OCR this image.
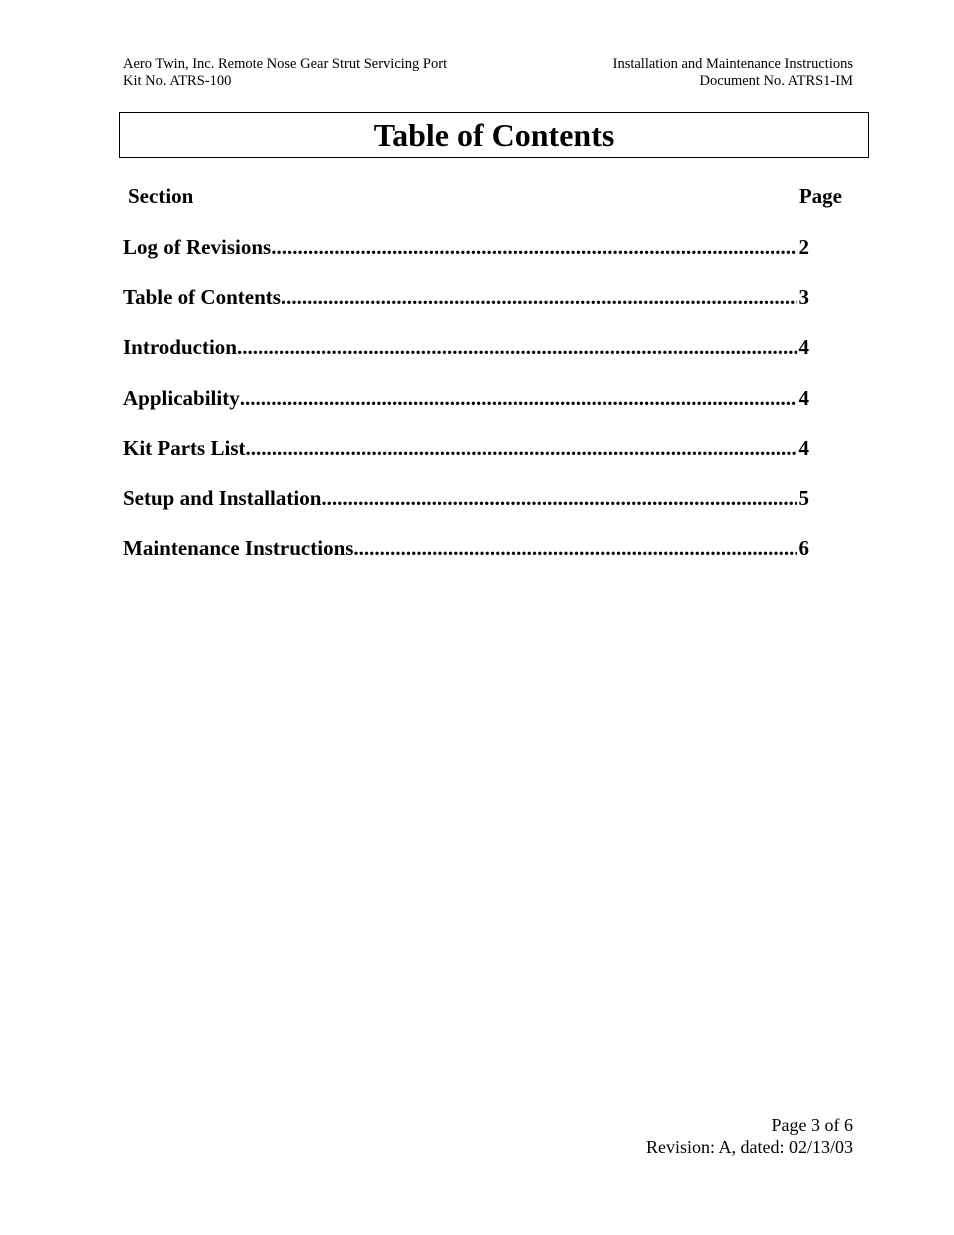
Aero Twin, Inc. Remote Nose Gear Strut Servicing Port
Kit No. ATRS-100
Installation and Maintenance Instructions
Document No. ATRS1-IM
Table of Contents
Section	Page
Log of Revisions .....	2
Table of Contents .....	3
Introduction .....	4
Applicability .....	4
Kit Parts List .....	4
Setup and Installation .....	5
Maintenance Instructions .....	6
Page 3 of 6
Revision: A, dated: 02/13/03
